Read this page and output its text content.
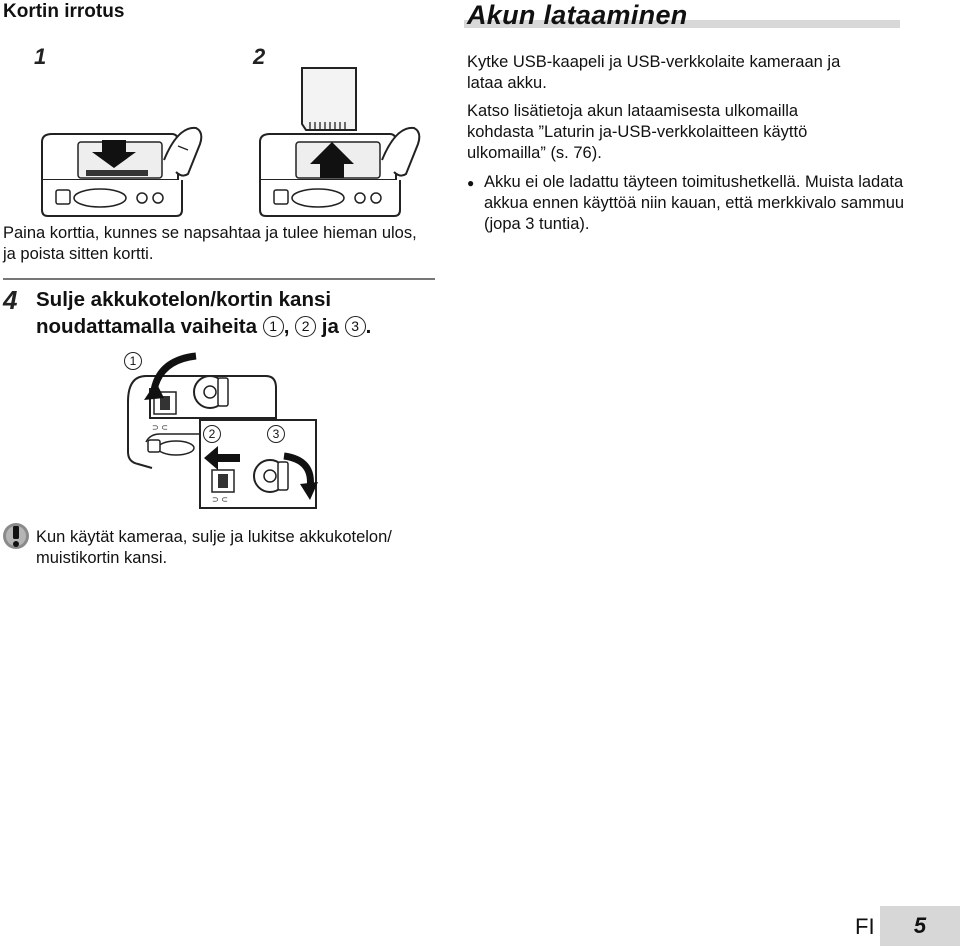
Kortin irrotus
1	2
Paina korttia, kunnes se napsahtaa ja tulee hieman ulos, ja poista sitten kortti.
4 Sulje akkukotelon/kortin kansi
noudattamalla vaiheita 1 , 2 ja 3 .
⊃ ⊂
⊃ ⊂
1
2	3
Kun käytät kameraa, sulje ja lukitse akkukotelon/ muistikortin kansi.
Akun lataaminen
Kytke USB-kaapeli ja USB-verkkolaite kameraan ja lataa akku.
Katso lisätietoja akun lataamisesta ulkomailla kohdasta ”Laturin ja-USB-verkkolaitteen käyttö ulkomailla” (s. 76).
● Akku ei ole ladattu täyteen toimitushetkellä. Muista ladata akkua ennen käyttöä niin kauan, että merkkivalo sammuu (jopa 3 tuntia).
FI	5
